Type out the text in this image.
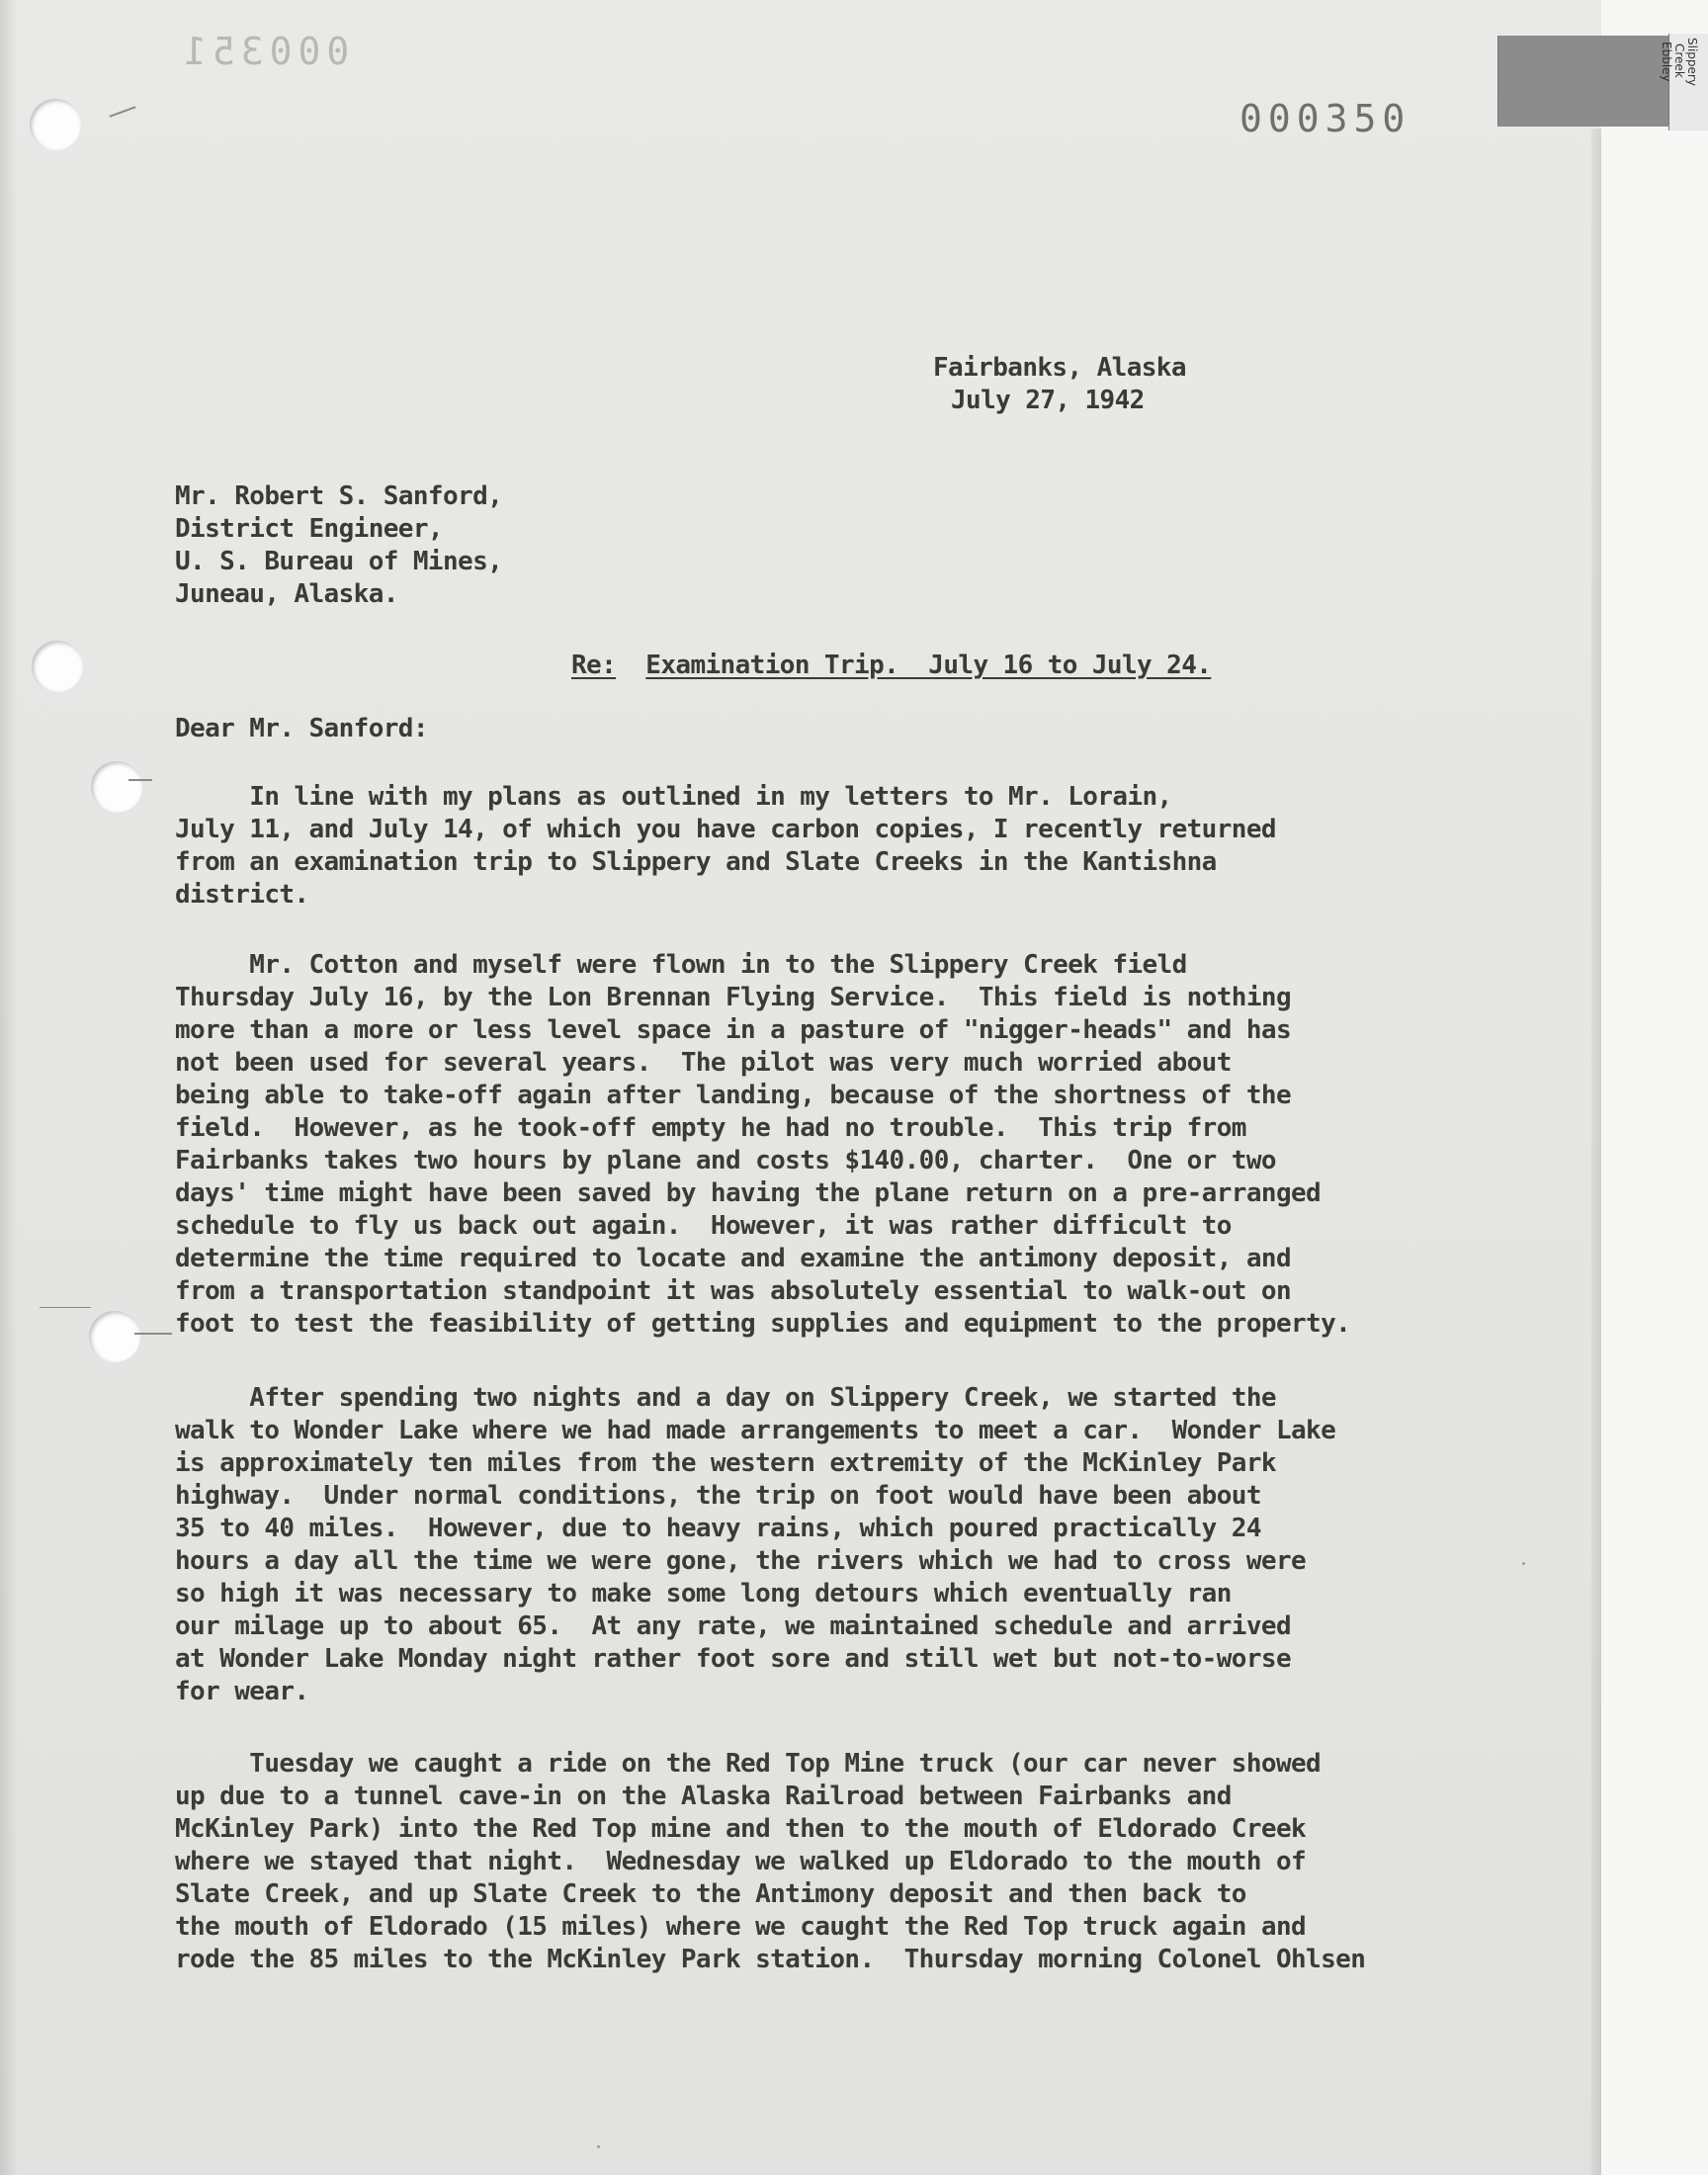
000351
000350
Slippery
Creek
Ebbley
Fairbanks, Alaska
July 27, 1942
Mr. Robert S. Sanford,
District Engineer,
U. S. Bureau of Mines,
Juneau, Alaska.
Re: Examination Trip.  July 16 to July 24.
Dear Mr. Sanford:
In line with my plans as outlined in my letters to Mr. Lorain,
July 11, and July 14, of which you have carbon copies, I recently returned
from an examination trip to Slippery and Slate Creeks in the Kantishna
district.
Mr. Cotton and myself were flown in to the Slippery Creek field
Thursday July 16, by the Lon Brennan Flying Service.  This field is nothing
more than a more or less level space in a pasture of "nigger-heads" and has
not been used for several years.  The pilot was very much worried about
being able to take-off again after landing, because of the shortness of the
field.  However, as he took-off empty he had no trouble.  This trip from
Fairbanks takes two hours by plane and costs $140.00, charter.  One or two
days' time might have been saved by having the plane return on a pre-arranged
schedule to fly us back out again.  However, it was rather difficult to
determine the time required to locate and examine the antimony deposit, and
from a transportation standpoint it was absolutely essential to walk-out on
foot to test the feasibility of getting supplies and equipment to the property.
After spending two nights and a day on Slippery Creek, we started the
walk to Wonder Lake where we had made arrangements to meet a car.  Wonder Lake
is approximately ten miles from the western extremity of the McKinley Park
highway.  Under normal conditions, the trip on foot would have been about
35 to 40 miles.  However, due to heavy rains, which poured practically 24
hours a day all the time we were gone, the rivers which we had to cross were
so high it was necessary to make some long detours which eventually ran
our milage up to about 65.  At any rate, we maintained schedule and arrived
at Wonder Lake Monday night rather foot sore and still wet but not-to-worse
for wear.
Tuesday we caught a ride on the Red Top Mine truck (our car never showed
up due to a tunnel cave-in on the Alaska Railroad between Fairbanks and
McKinley Park) into the Red Top mine and then to the mouth of Eldorado Creek
where we stayed that night.  Wednesday we walked up Eldorado to the mouth of
Slate Creek, and up Slate Creek to the Antimony deposit and then back to
the mouth of Eldorado (15 miles) where we caught the Red Top truck again and
rode the 85 miles to the McKinley Park station.  Thursday morning Colonel Ohlsen
